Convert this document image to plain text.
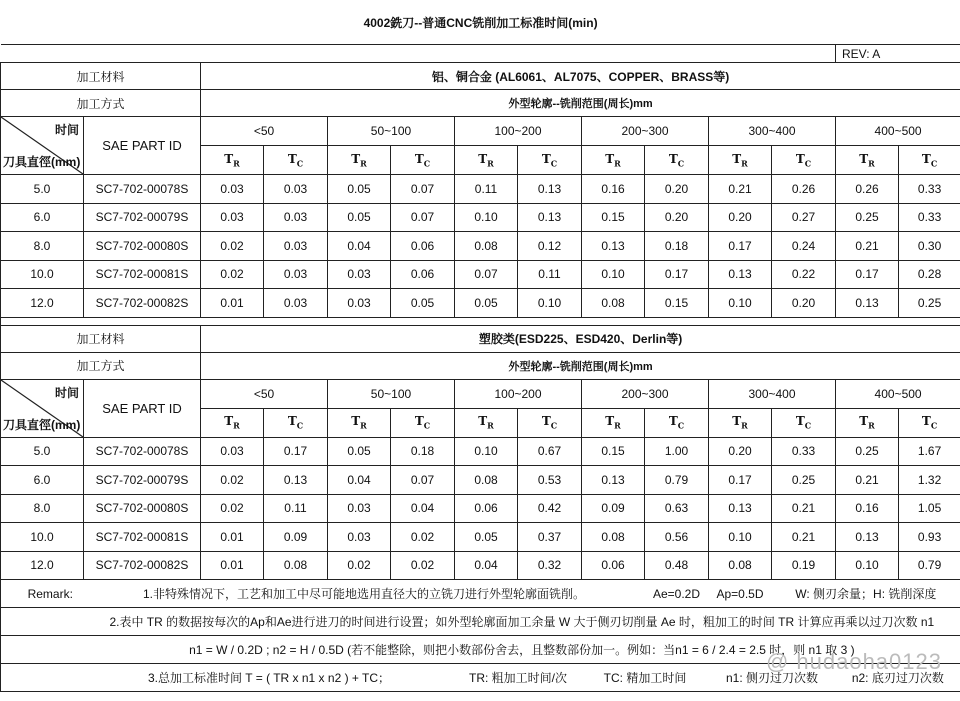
4002銑刀--普通CNC铣削加工标准时间(min)													
												REV: A	
加工材料		铝、铜合金 (AL6061、AL7075、COPPER、BRASS等)											
加工方式		外型轮廓--铣削范围(周长)mm											

时间
刀具直徑(mm)	SAE PART ID	<50		50~100		100~200		200~300		300~400		400~500	
		$T_R$	$T_C$	$T_R$	$T_C$	$T_R$	$T_C$	$T_R$	$T_C$	$T_R$	$T_C$	$T_R$	$T_C$
5.0	SC7-702-00078S	0.03	0.03	0.05	0.07	0.11	0.13	0.16	0.20	0.21	0.26	0.26	0.33
6.0	SC7-702-00079S	0.03	0.03	0.05	0.07	0.10	0.13	0.15	0.20	0.20	0.27	0.25	0.33
8.0	SC7-702-00080S	0.02	0.03	0.04	0.06	0.08	0.12	0.13	0.18	0.17	0.24	0.21	0.30
10.0	SC7-702-00081S	0.02	0.03	0.03	0.06	0.07	0.11	0.10	0.17	0.13	0.22	0.17	0.28
12.0	SC7-702-00082S	0.01	0.03	0.03	0.05	0.05	0.10	0.08	0.15	0.10	0.20	0.13	0.25

加工材料		塑胶类(ESD225、ESD420、Derlin等)											
加工方式		外型轮廓--铣削范围(周长)mm											

时间
刀具直徑(mm)	SAE PART ID	<50		50~100		100~200		200~300		300~400		400~500	
		$T_R$	$T_C$	$T_R$	$T_C$	$T_R$	$T_C$	$T_R$	$T_C$	$T_R$	$T_C$	$T_R$	$T_C$
5.0	SC7-702-00078S	0.03	0.17	0.05	0.18	0.10	0.67	0.15	1.00	0.20	0.33	0.25	1.67
6.0	SC7-702-00079S	0.02	0.13	0.04	0.07	0.08	0.53	0.13	0.79	0.17	0.25	0.21	1.32
8.0	SC7-702-00080S	0.02	0.11	0.03	0.04	0.06	0.42	0.09	0.63	0.13	0.21	0.16	1.05
10.0	SC7-702-00081S	0.01	0.09	0.03	0.02	0.05	0.37	0.08	0.56	0.10	0.21	0.13	0.93
12.0	SC7-702-00082S	0.01	0.08	0.02	0.02	0.04	0.32	0.06	0.48	0.08	0.19	0.10	0.79
Remark:	1.非特殊情况下，工艺和加工中尽可能地选用直径大的立铣刀进行外型轮廓面铣削。								Ae=0.2D	Ap=0.5D	W: 侧刃余量；H: 铣削深度		
	2.表中 TR 的数据按每次的Ap和Ae进行进刀的时间进行设置；如外型轮廓面加工余量 W 大于侧刃切削量 Ae 时，粗加工的时间 TR 计算应再乘以过刀次数 n1												
	n1 = W / 0.2D ; n2 = H / 0.5D (若不能整除，则把小数部份舍去，且整数部份加一。例如：当n1 = 6 / 2.4 = 2.5 时，则 n1 取 3 )												
	3.总加工标准时间 T = ( TR x n1 x n2 ) + TC；					TR: 粗加工时间/次		TC: 精加工时间		n1: 侧刃过刀次数		n2: 底刃过刀次数	
@ hudaoha0123
